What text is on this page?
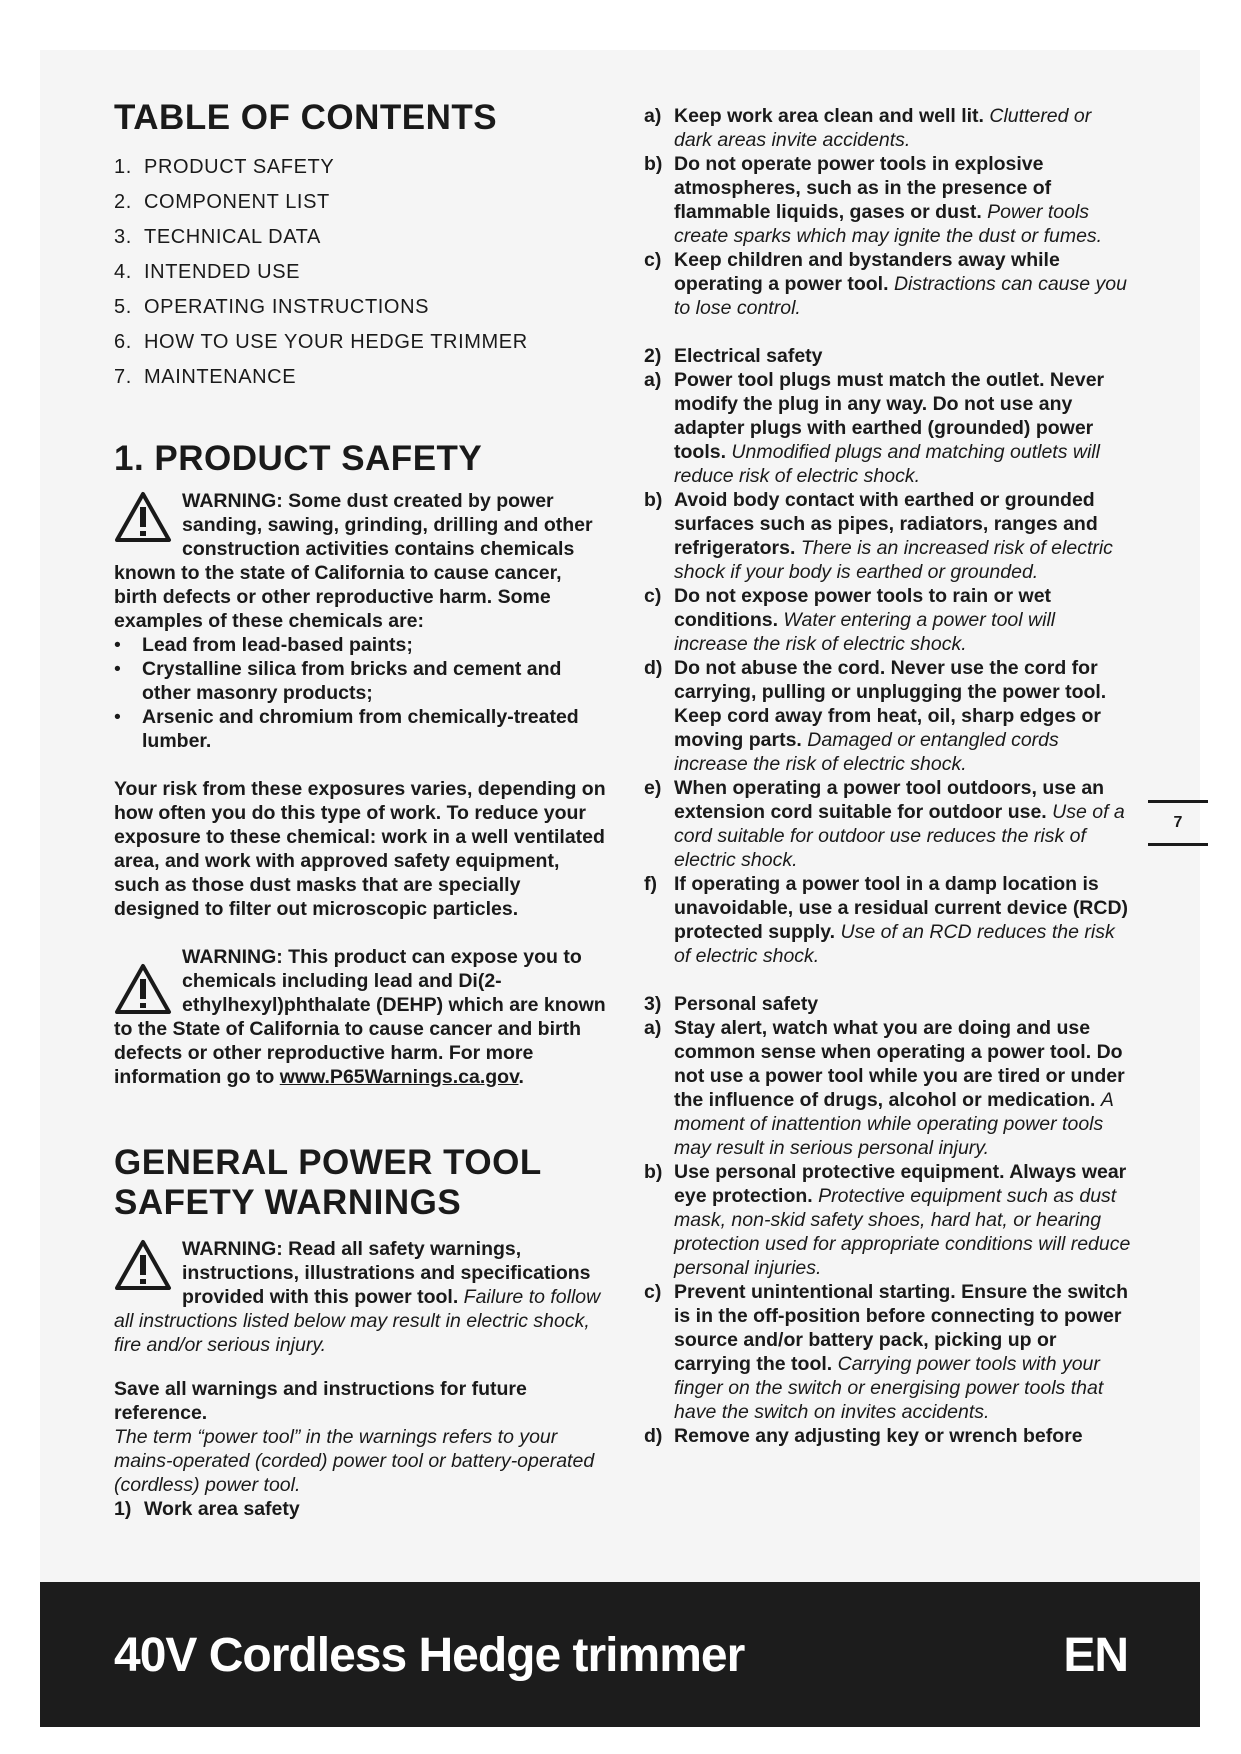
TABLE OF CONTENTS
1. PRODUCT SAFETY
2. COMPONENT LIST
3. TECHNICAL DATA
4. INTENDED USE
5. OPERATING INSTRUCTIONS
6. HOW TO USE YOUR HEDGE TRIMMER
7. MAINTENANCE
1. PRODUCT SAFETY
WARNING: Some dust created by power sanding, sawing, grinding, drilling and other construction activities contains chemicals known to the state of California to cause cancer, birth defects or other reproductive harm. Some examples of these chemicals are:
• Lead from lead-based paints;
• Crystalline silica from bricks and cement and other masonry products;
• Arsenic and chromium from chemically-treated lumber.

Your risk from these exposures varies, depending on how often you do this type of work. To reduce your exposure to these chemical: work in a well ventilated area, and work with approved safety equipment, such as those dust masks that are specially designed to filter out microscopic particles.

WARNING: This product can expose you to chemicals including lead and Di(2-ethylhexyl)phthalate (DEHP) which are known to the State of California to cause cancer and birth defects or other reproductive harm. For more information go to www.P65Warnings.ca.gov.
GENERAL POWER TOOL
SAFETY WARNINGS
WARNING: Read all safety warnings, instructions, illustrations and specifications provided with this power tool. Failure to follow all instructions listed below may result in electric shock, fire and/or serious injury.

Save all warnings and instructions for future reference.

The term “power tool” in the warnings refers to your mains-operated (corded) power tool or battery-operated (cordless) power tool.
1) Work area safety
a) Keep work area clean and well lit. Cluttered or dark areas invite accidents.
b) Do not operate power tools in explosive atmospheres, such as in the presence of flammable liquids, gases or dust. Power tools create sparks which may ignite the dust or fumes.
c) Keep children and bystanders away while operating a power tool. Distractions can cause you to lose control.
2) Electrical safety
a) Power tool plugs must match the outlet. Never modify the plug in any way. Do not use any adapter plugs with earthed (grounded) power tools. Unmodified plugs and matching outlets will reduce risk of electric shock.
b) Avoid body contact with earthed or grounded surfaces such as pipes, radiators, ranges and refrigerators. There is an increased risk of electric shock if your body is earthed or grounded.
c) Do not expose power tools to rain or wet conditions. Water entering a power tool will increase the risk of electric shock.
d) Do not abuse the cord. Never use the cord for carrying, pulling or unplugging the power tool. Keep cord away from heat, oil, sharp edges or moving parts. Damaged or entangled cords increase the risk of electric shock.
e) When operating a power tool outdoors, use an extension cord suitable for outdoor use. Use of a cord suitable for outdoor use reduces the risk of electric shock.
f) If operating a power tool in a damp location is unavoidable, use a residual current device (RCD) protected supply. Use of an RCD reduces the risk of electric shock.
3) Personal safety
a) Stay alert, watch what you are doing and use common sense when operating a power tool. Do not use a power tool while you are tired or under the influence of drugs, alcohol or medication. A moment of inattention while operating power tools may result in serious personal injury.
b) Use personal protective equipment. Always wear eye protection. Protective equipment such as dust mask, non-skid safety shoes, hard hat, or hearing protection used for appropriate conditions will reduce personal injuries.
c) Prevent unintentional starting. Ensure the switch is in the off-position before connecting to power source and/or battery pack, picking up or carrying the tool. Carrying power tools with your finger on the switch or energising power tools that have the switch on invites accidents.
d) Remove any adjusting key or wrench before
7
40V Cordless Hedge trimmer	EN
